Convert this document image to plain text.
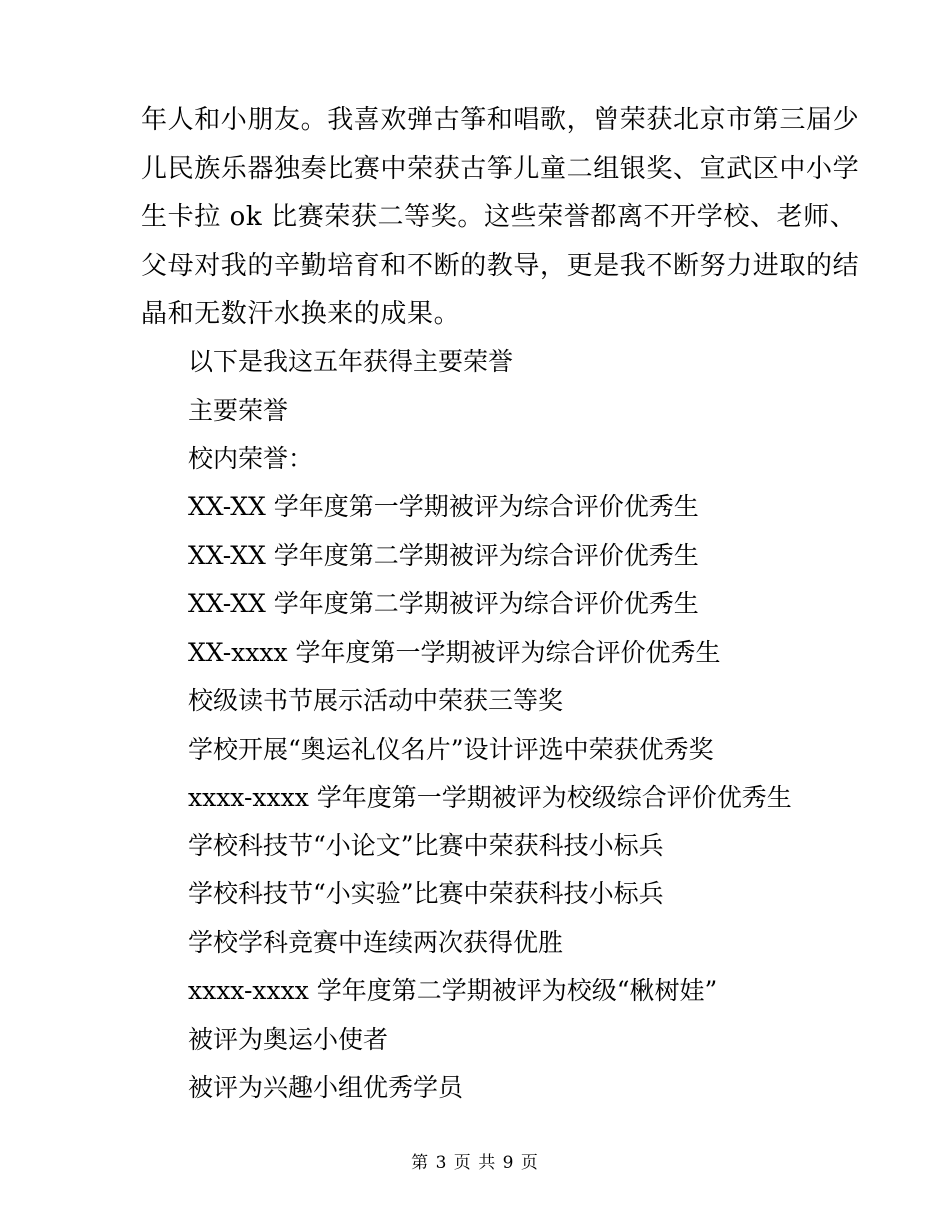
年人和小朋友。我喜欢弹古筝和唱歌，曾荣获北京市第三届少
儿民族乐器独奏比赛中荣获古筝儿童二组银奖、宣武区中小学
生卡拉 ok 比赛荣获二等奖。这些荣誉都离不开学校、老师、
父母对我的辛勤培育和不断的教导，更是我不断努力进取的结
晶和无数汗水换来的成果。
以下是我这五年获得主要荣誉
主要荣誉
校内荣誉：
XX-XX 学年度第一学期被评为综合评价优秀生
XX-XX 学年度第二学期被评为综合评价优秀生
XX-XX 学年度第二学期被评为综合评价优秀生
XX-xxxx 学年度第一学期被评为综合评价优秀生
校级读书节展示活动中荣获三等奖
学校开展“奥运礼仪名片”设计评选中荣获优秀奖
xxxx-xxxx 学年度第一学期被评为校级综合评价优秀生
学校科技节“小论文”比赛中荣获科技小标兵
学校科技节“小实验”比赛中荣获科技小标兵
学校学科竞赛中连续两次获得优胜
xxxx-xxxx 学年度第二学期被评为校级“楸树娃”
被评为奥运小使者
被评为兴趣小组优秀学员
第 3 页 共 9 页
